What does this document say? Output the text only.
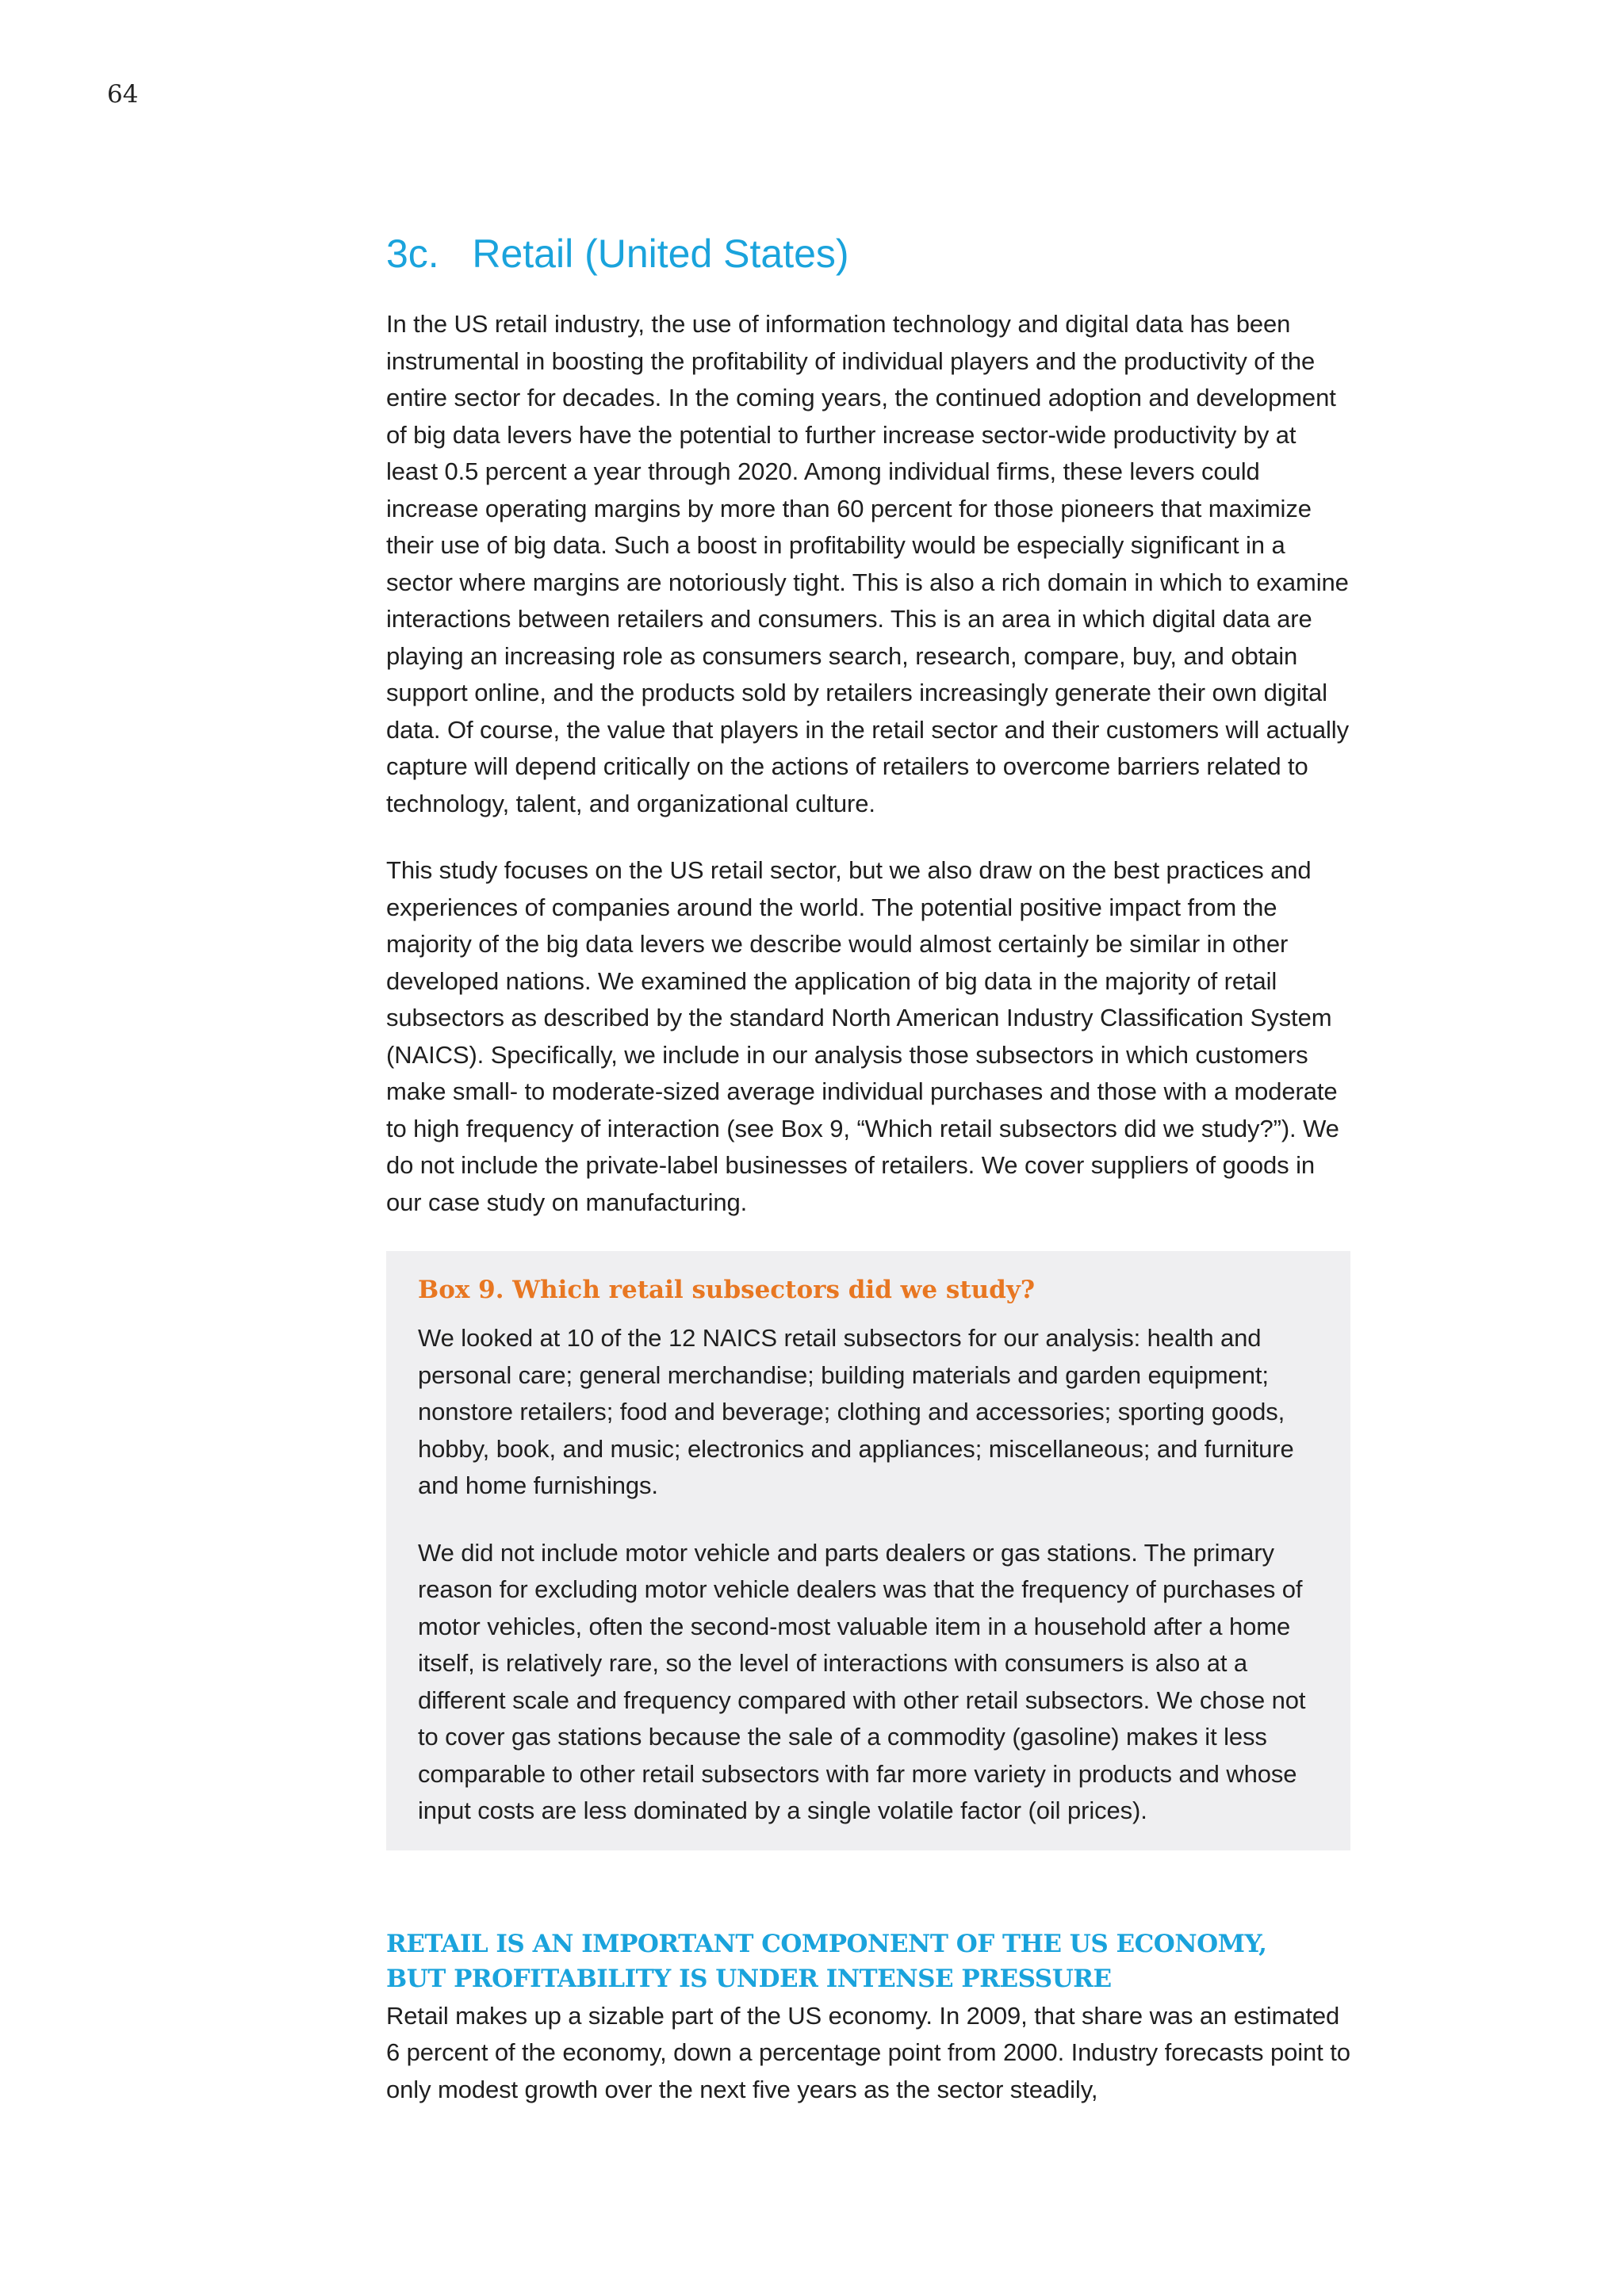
64
3c.   Retail (United States)

In the US retail industry, the use of information technology and digital data has been instrumental in boosting the profitability of individual players and the productivity of the entire sector for decades. In the coming years, the continued adoption and development of big data levers have the potential to further increase sector-wide productivity by at least 0.5 percent a year through 2020. Among individual firms, these levers could increase operating margins by more than 60 percent for those pioneers that maximize their use of big data. Such a boost in profitability would be especially significant in a sector where margins are notoriously tight. This is also a rich domain in which to examine interactions between retailers and consumers. This is an area in which digital data are playing an increasing role as consumers search, research, compare, buy, and obtain support online, and the products sold by retailers increasingly generate their own digital data. Of course, the value that players in the retail sector and their customers will actually capture will depend critically on the actions of retailers to overcome barriers related to technology, talent, and organizational culture.

This study focuses on the US retail sector, but we also draw on the best practices and experiences of companies around the world. The potential positive impact from the majority of the big data levers we describe would almost certainly be similar in other developed nations. We examined the application of big data in the majority of retail subsectors as described by the standard North American Industry Classification System (NAICS). Specifically, we include in our analysis those subsectors in which customers make small- to moderate-sized average individual purchases and those with a moderate to high frequency of interaction (see Box 9, “Which retail subsectors did we study?”). We do not include the private-label businesses of retailers. We cover suppliers of goods in our case study on manufacturing.

Box 9. Which retail subsectors did we study?

We looked at 10 of the 12 NAICS retail subsectors for our analysis: health and personal care; general merchandise; building materials and garden equipment; nonstore retailers; food and beverage; clothing and accessories; sporting goods, hobby, book, and music; electronics and appliances; miscellaneous; and furniture and home furnishings.

We did not include motor vehicle and parts dealers or gas stations. The primary reason for excluding motor vehicle dealers was that the frequency of purchases of motor vehicles, often the second-most valuable item in a household after a home itself, is relatively rare, so the level of interactions with consumers is also at a different scale and frequency compared with other retail subsectors. We chose not to cover gas stations because the sale of a commodity (gasoline) makes it less comparable to other retail subsectors with far more variety in products and whose input costs are less dominated by a single volatile factor (oil prices).

RETAIL IS AN IMPORTANT COMPONENT OF THE US ECONOMY,
BUT PROFITABILITY IS UNDER INTENSE PRESSURE

Retail makes up a sizable part of the US economy. In 2009, that share was an estimated 6 percent of the economy, down a percentage point from 2000. Industry forecasts point to only modest growth over the next five years as the sector steadily,
